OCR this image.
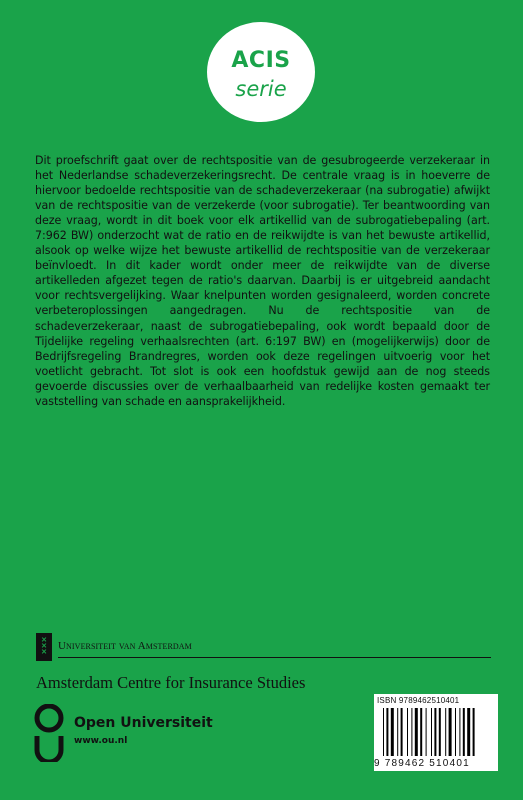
ACIS
serie
Dit proefschrift gaat over de rechtspositie van de gesubrogeerde verzekeraar in het Nederlandse schadeverzekeringsrecht. De centrale vraag is in hoeverre de hiervoor bedoelde rechtspositie van de schadeverzekeraar (na subrogatie) afwijkt van de rechtspositie van de verzekerde (voor subrogatie). Ter beantwoording van deze vraag, wordt in dit boek voor elk artikellid van de subrogatiebepaling (art. 7:962 BW) onderzocht wat de ratio en de reikwijdte is van het bewuste artikellid, alsook op welke wijze het bewuste artikellid de rechtspositie van de verzekeraar beïnvloedt. In dit kader wordt onder meer de reikwijdte van de diverse artikelleden afgezet tegen de ratio's daarvan. Daarbij is er uitgebreid aandacht voor rechtsvergelijking. Waar knelpunten worden gesignaleerd, worden concrete verbeteroplossingen aangedragen. Nu de rechtspositie van de schadeverzekeraar, naast de subrogatiebepaling, ook wordt bepaald door de Tijdelijke regeling verhaalsrechten (art. 6:197 BW) en (mogelijkerwijs) door de Bedrijfsregeling Brandregres, worden ook deze regelingen uitvoerig voor het voetlicht gebracht. Tot slot is ook een hoofdstuk gewijd aan de nog steeds gevoerde discussies over de verhaalbaarheid van redelijke kosten gemaakt ter vaststelling van schade en aansprakelijkheid.
✕
✕
✕
Universiteit van Amsterdam
Amsterdam Centre for Insurance Studies
Open Universiteit
www.ou.nl
ISBN 9789462510401
9 789462 510401
